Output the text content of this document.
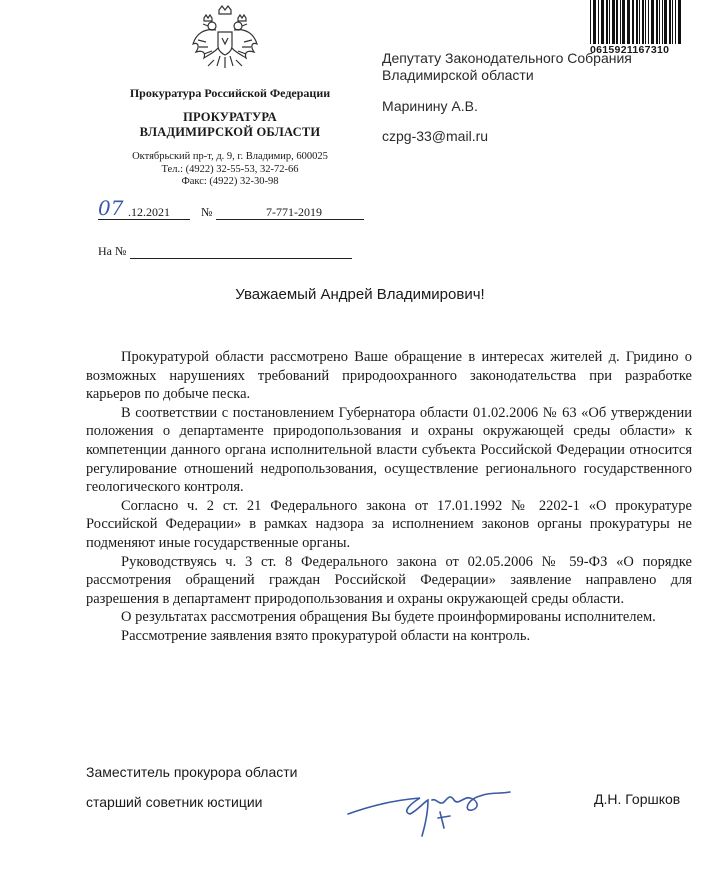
Прокуратура Российской Федерации
ПРОКУРАТУРА
ВЛАДИМИРСКОЙ ОБЛАСТИ
Октябрьский пр-т, д. 9, г. Владимир, 600025
Тел.: (4922) 32-55-53, 32-72-66
Факс: (4922) 32-30-98
07 .12.2021	№	7-771-2019
На №
0615921167310
Депутату Законодательного Собрания
Владимирской области
Маринину А.В.
czpg-33@mail.ru
Уважаемый Андрей Владимирович!

Прокуратурой области рассмотрено Ваше обращение в интересах жителей д. Гридино о возможных нарушениях требований природоохранного законодательства при разработке карьеров по добыче песка.

В соответствии с постановлением Губернатора области 01.02.2006 № 63 «Об утверждении положения о департаменте природопользования и охраны окружающей среды области» к компетенции данного органа исполнительной власти субъекта Российской Федерации относится регулирование отношений недропользования, осуществление регионального государственного геологического контроля.

Согласно ч. 2 ст. 21 Федерального закона от 17.01.1992 № 2202-1 «О прокуратуре Российской Федерации» в рамках надзора за исполнением законов органы прокуратуры не подменяют иные государственные органы.

Руководствуясь ч. 3 ст. 8 Федерального закона от 02.05.2006 № 59-ФЗ «О порядке рассмотрения обращений граждан Российской Федерации» заявление направлено для разрешения в департамент природопользования и охраны окружающей среды области.

О результатах рассмотрения обращения Вы будете проинформированы исполнителем.

Рассмотрение заявления взято прокуратурой области на контроль.

Заместитель прокурора области
старший советник юстиции	Д.Н. Горшков
